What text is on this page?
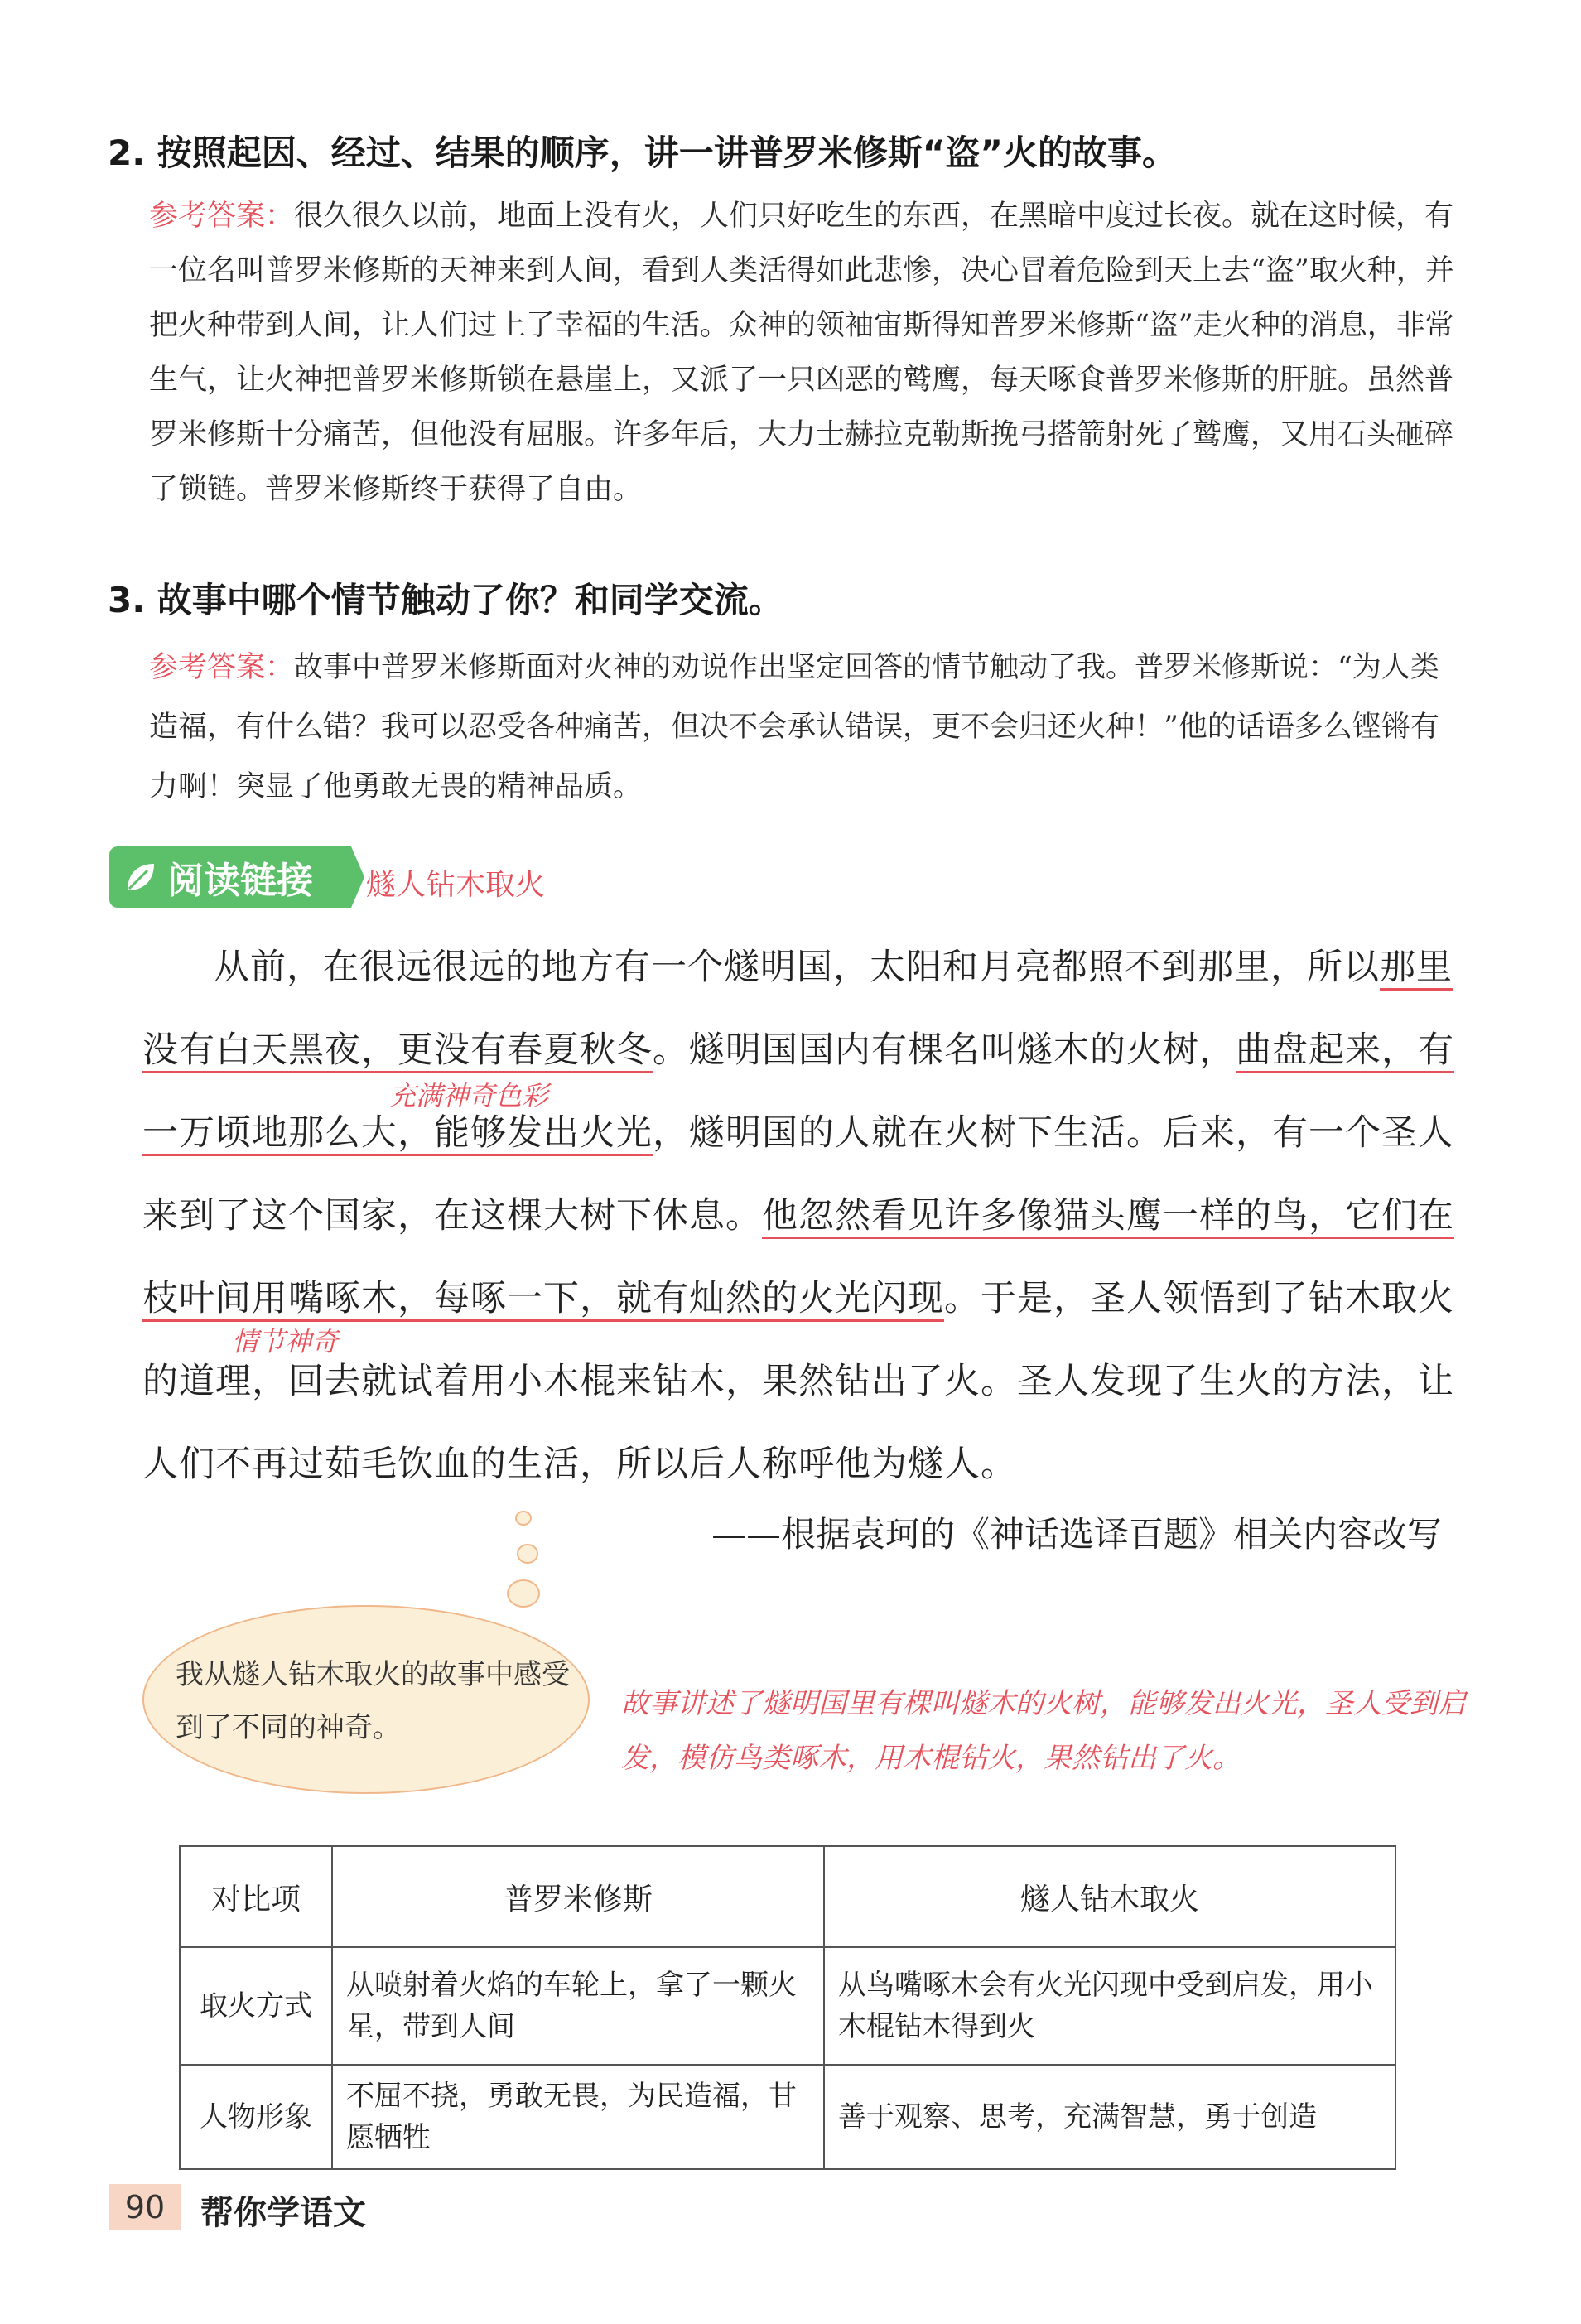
2. 按照起因、经过、结果的顺序，讲一讲普罗米修斯“盗”火的故事。
参考答案：很久很久以前，地面上没有火，人们只好吃生的东西，在黑暗中度过长夜。就在这时候，有一位名叫普罗米修斯的天神来到人间，看到人类活得如此悲惨，决心冒着危险到天上去“盗”取火种，并把火种带到人间，让人们过上了幸福的生活。众神的领袖宙斯得知普罗米修斯“盗”走火种的消息，非常生气，让火神把普罗米修斯锁在悬崖上，又派了一只凶恶的鹫鹰，每天啄食普罗米修斯的肝脏。虽然普罗米修斯十分痛苦，但他没有屈服。许多年后，大力士赫拉克勒斯挽弓搭箭射死了鹫鹰，又用石头砸碎了锁链。普罗米修斯终于获得了自由。
3. 故事中哪个情节触动了你？和同学交流。
参考答案：故事中普罗米修斯面对火神的劝说作出坚定回答的情节触动了我。普罗米修斯说：“为人类造福，有什么错？我可以忍受各种痛苦，但决不会承认错误，更不会归还火种！”他的话语多么铿锵有力啊！突显了他勇敢无畏的精神品质。
阅读链接 燧人钻木取火
从前，在很远很远的地方有一个燧明国，太阳和月亮都照不到那里，所以那里没有白天黑夜，更没有春夏秋冬。燧明国国内有棵名叫燧木的火树，曲盘起来，有一万顷地那么大，能够发出火光，燧明国的人就在火树下生活。后来，有一个圣人来到了这个国家，在这棵大树下休息。他忽然看见许多像猫头鹰一样的鸟，它们在枝叶间用嘴啄木，每啄一下，就有灿然的火光闪现。于是，圣人领悟到了钻木取火的道理，回去就试着用小木棍来钻木，果然钻出了火。圣人发现了生火的方法，让人们不再过茹毛饮血的生活，所以后人称呼他为燧人。
充满神奇色彩
情节神奇
——根据袁珂的《神话选译百题》相关内容改写
我从燧人钻木取火的故事中感受到了不同的神奇。
故事讲述了燧明国里有棵叫燧木的火树，能够发出火光，圣人受到启发，模仿鸟类啄木，用木棍钻火，果然钻出了火。
对比项	普罗米修斯	燧人钻木取火
取火方式	从喷射着火焰的车轮上，拿了一颗火星，带到人间	从鸟嘴啄木会有火光闪现中受到启发，用小木棍钻木得到火
人物形象	不屈不挠，勇敢无畏，为民造福，甘愿牺牲	善于观察、思考，充满智慧，勇于创造
90	帮你学语文
